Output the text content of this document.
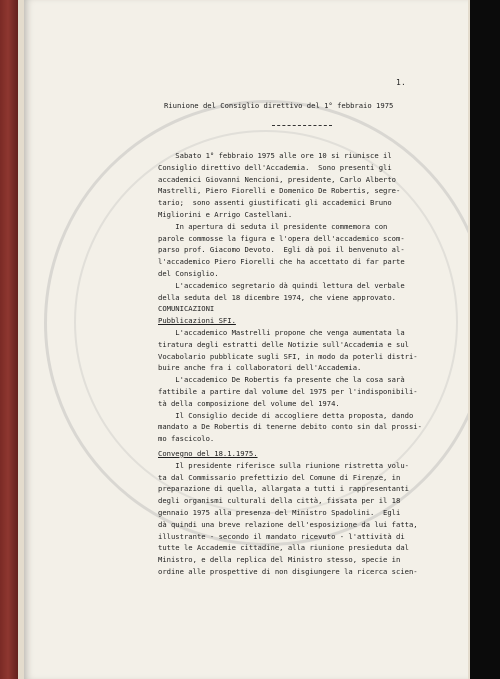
1.
Riunione del Consiglio direttivo del 1° febbraio 1975
Sabato 1° febbraio 1975 alle ore 10 si riunisce il
Consiglio direttivo dell'Accademia.  Sono presenti gli
accademici Giovanni Nencioni, presidente, Carlo Alberto
Mastrelli, Piero Fiorelli e Domenico De Robertis, segre-
tario;  sono assenti giustificati gli accademici Bruno
Migliorini e Arrigo Castellani.
In apertura di seduta il presidente commemora con
parole commosse la figura e l'opera dell'accademico scom-
parso prof. Giacomo Devoto.  Egli dà poi il benvenuto al-
l'accademico Piero Fiorelli che ha accettato di far parte
del Consiglio.
L'accademico segretario dà quindi lettura del verbale
della seduta del 18 dicembre 1974, che viene approvato.
COMUNICAZIONI
Pubblicazioni SFI.
L'accademico Mastrelli propone che venga aumentata la
tiratura degli estratti delle Notizie sull'Accademia e sul
Vocabolario pubblicate sugli SFI, in modo da poterli distri-
buire anche fra i collaboratori dell'Accademia.
L'accademico De Robertis fa presente che la cosa sarà
fattibile a partire dal volume del 1975 per l'indisponibili-
tà della composizione del volume del 1974.
Il Consiglio decide di accogliere detta proposta, dando
mandato a De Robertis di tenerne debito conto sin dal prossi-
mo fascicolo.
Convegno del 18.1.1975.
Il presidente riferisce sulla riunione ristretta volu-
ta dal Commissario prefettizio del Comune di Firenze, in
preparazione di quella, allargata a tutti i rappresentanti
degli organismi culturali della città, fissata per il 18
gennaio 1975 alla presenza del Ministro Spadolini.  Egli
dà quindi una breve relazione dell'esposizione da lui fatta,
illustrante - secondo il mandato ricevuto - l'attività di
tutte le Accademie cittadine, alla riunione presieduta dal
Ministro, e della replica del Ministro stesso, specie in
ordine alle prospettive di non disgiungere la ricerca scien-
